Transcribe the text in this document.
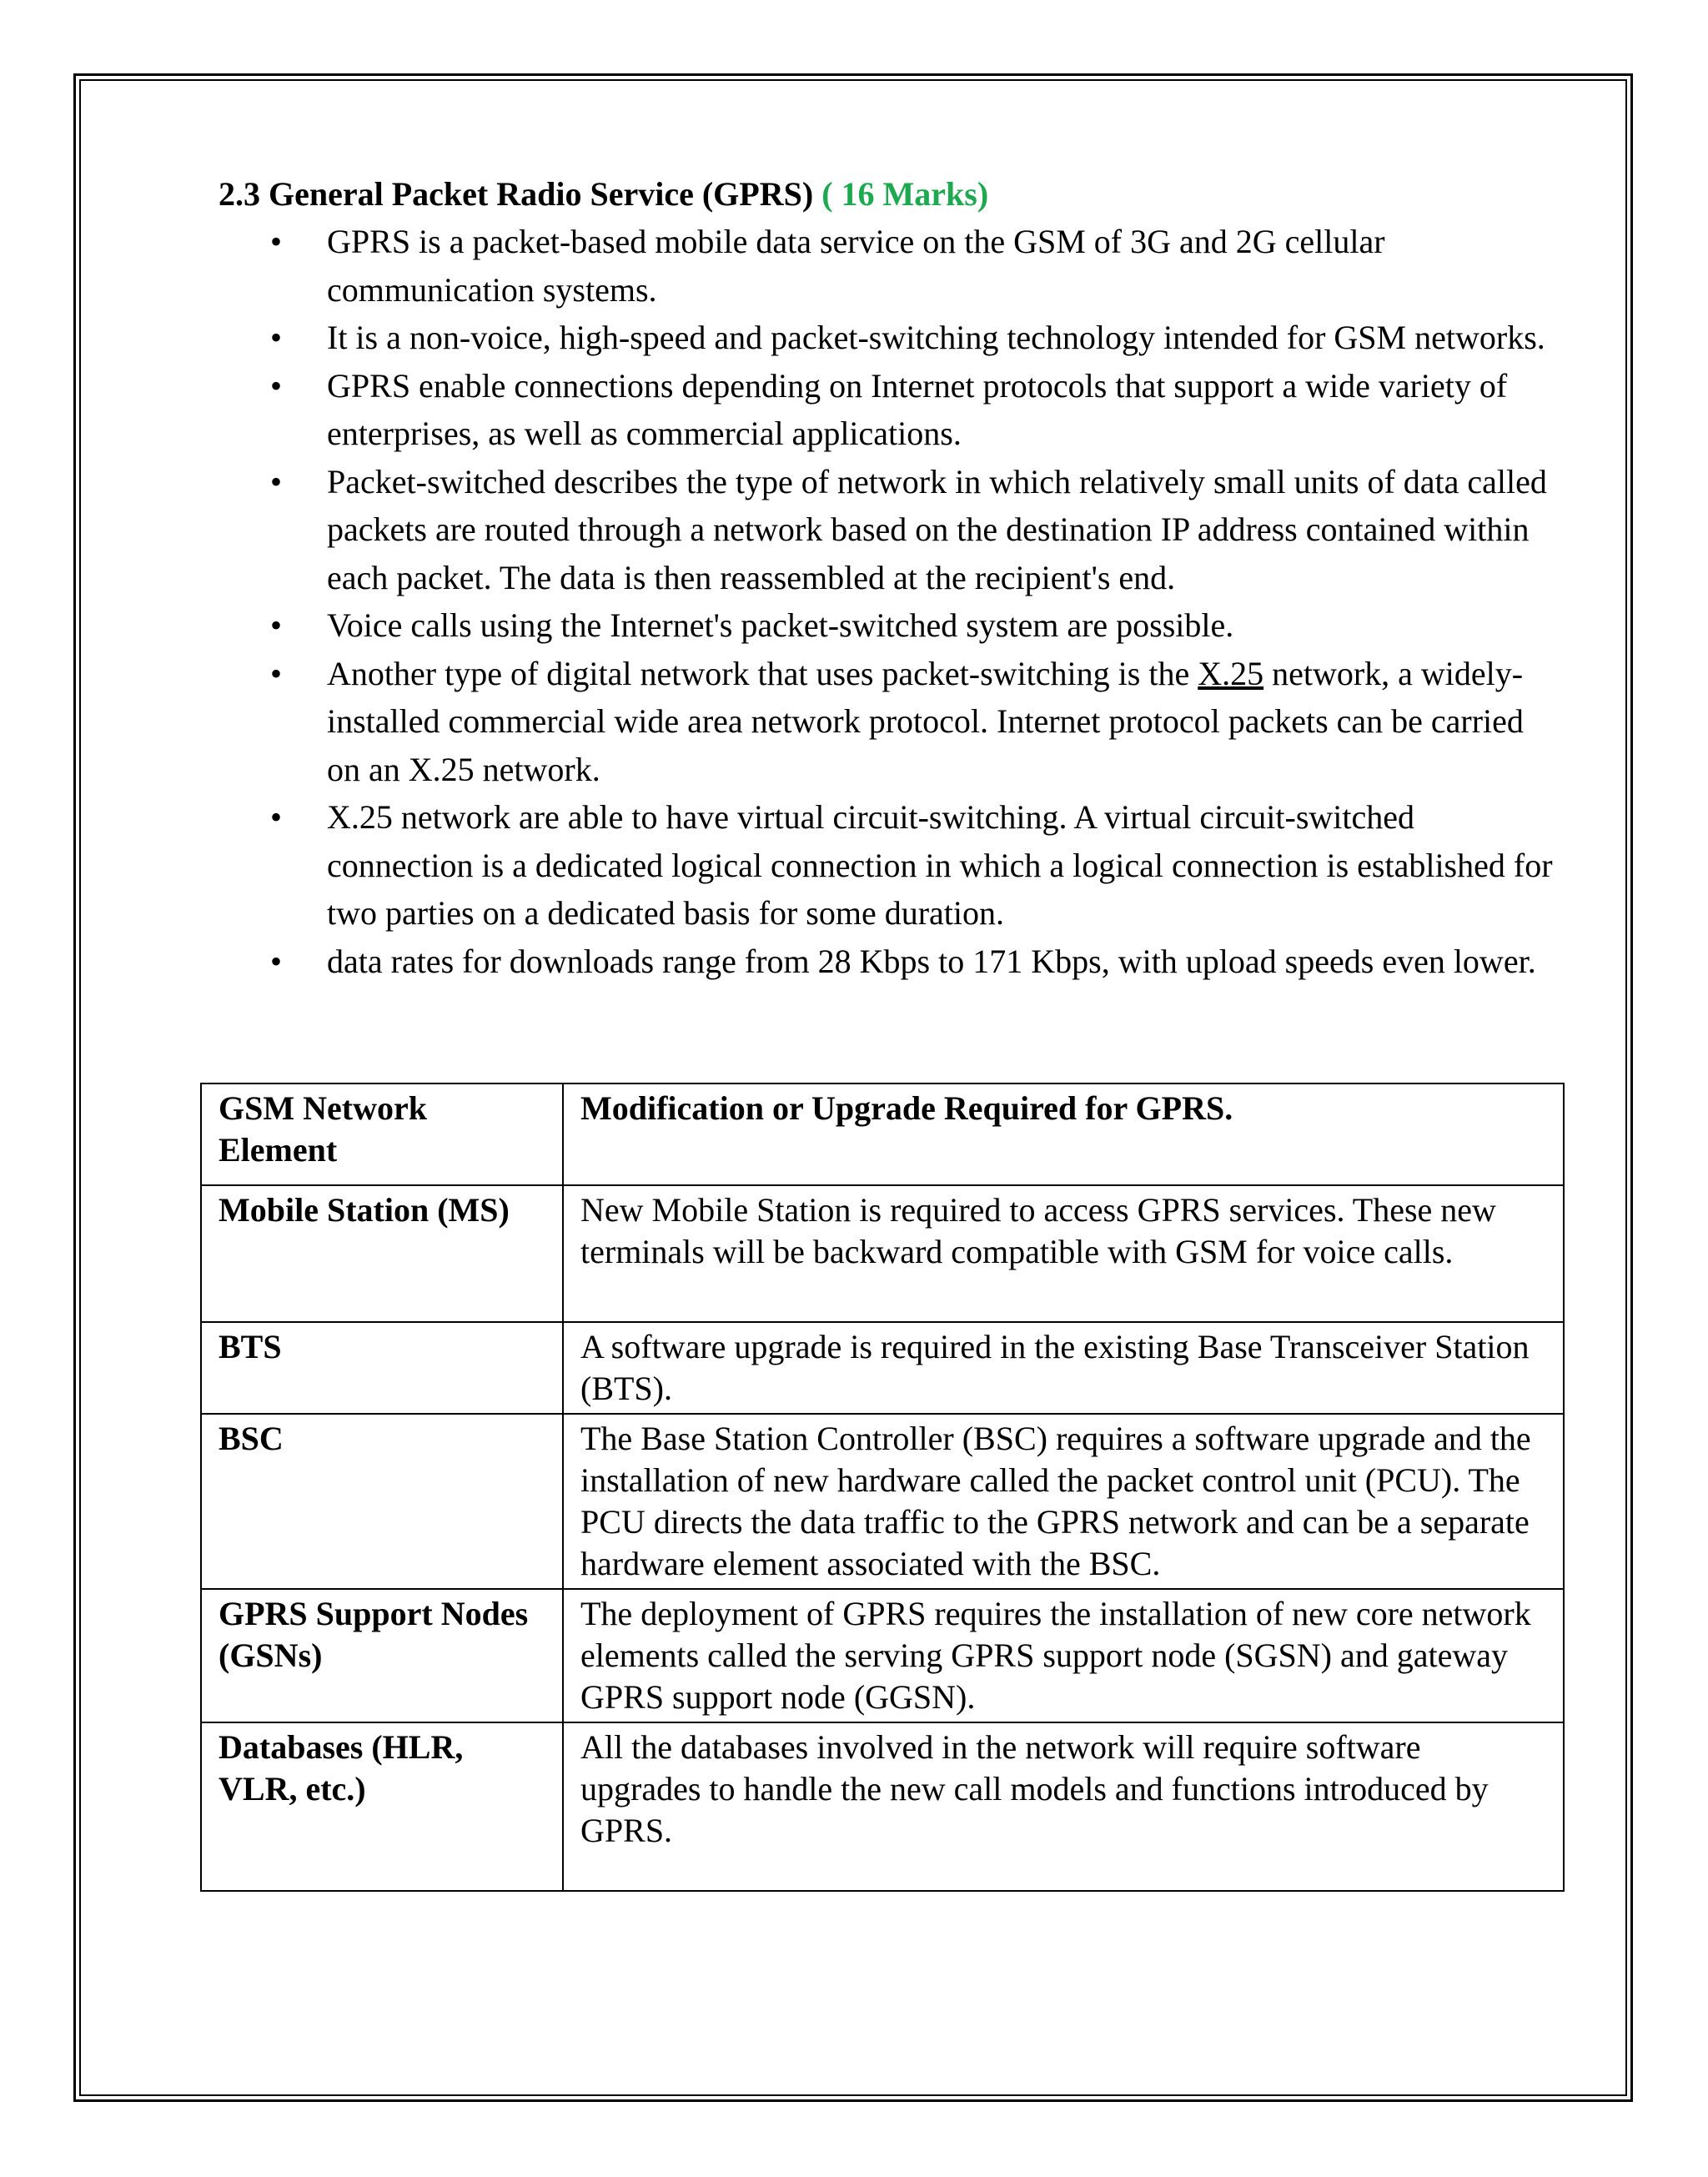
2.3 General Packet Radio Service (GPRS) ( 16 Marks)

• GPRS is a packet-based mobile data service on the GSM of 3G and 2G cellular communication systems.
• It is a non-voice, high-speed and packet-switching technology intended for GSM networks.
• GPRS enable connections depending on Internet protocols that support a wide variety of enterprises, as well as commercial applications.
• Packet-switched describes the type of network in which relatively small units of data called packets are routed through a network based on the destination IP address contained within each packet. The data is then reassembled at the recipient's end.
• Voice calls using the Internet's packet-switched system are possible.
• Another type of digital network that uses packet-switching is the X.25 network, a widely-installed commercial wide area network protocol. Internet protocol packets can be carried on an X.25 network.
• X.25 network are able to have virtual circuit-switching. A virtual circuit-switched connection is a dedicated logical connection in which a logical connection is established for two parties on a dedicated basis for some duration.
• data rates for downloads range from 28 Kbps to 171 Kbps, with upload speeds even lower.
GSM Network Element	Modification or Upgrade Required for GPRS.
Mobile Station (MS)	New Mobile Station is required to access GPRS services. These new terminals will be backward compatible with GSM for voice calls.
BTS	A software upgrade is required in the existing Base Transceiver Station (BTS).
BSC	The Base Station Controller (BSC) requires a software upgrade and the installation of new hardware called the packet control unit (PCU). The PCU directs the data traffic to the GPRS network and can be a separate hardware element associated with the BSC.
GPRS Support Nodes (GSNs)	The deployment of GPRS requires the installation of new core network elements called the serving GPRS support node (SGSN) and gateway GPRS support node (GGSN).
Databases (HLR, VLR, etc.)	All the databases involved in the network will require software upgrades to handle the new call models and functions introduced by GPRS.
